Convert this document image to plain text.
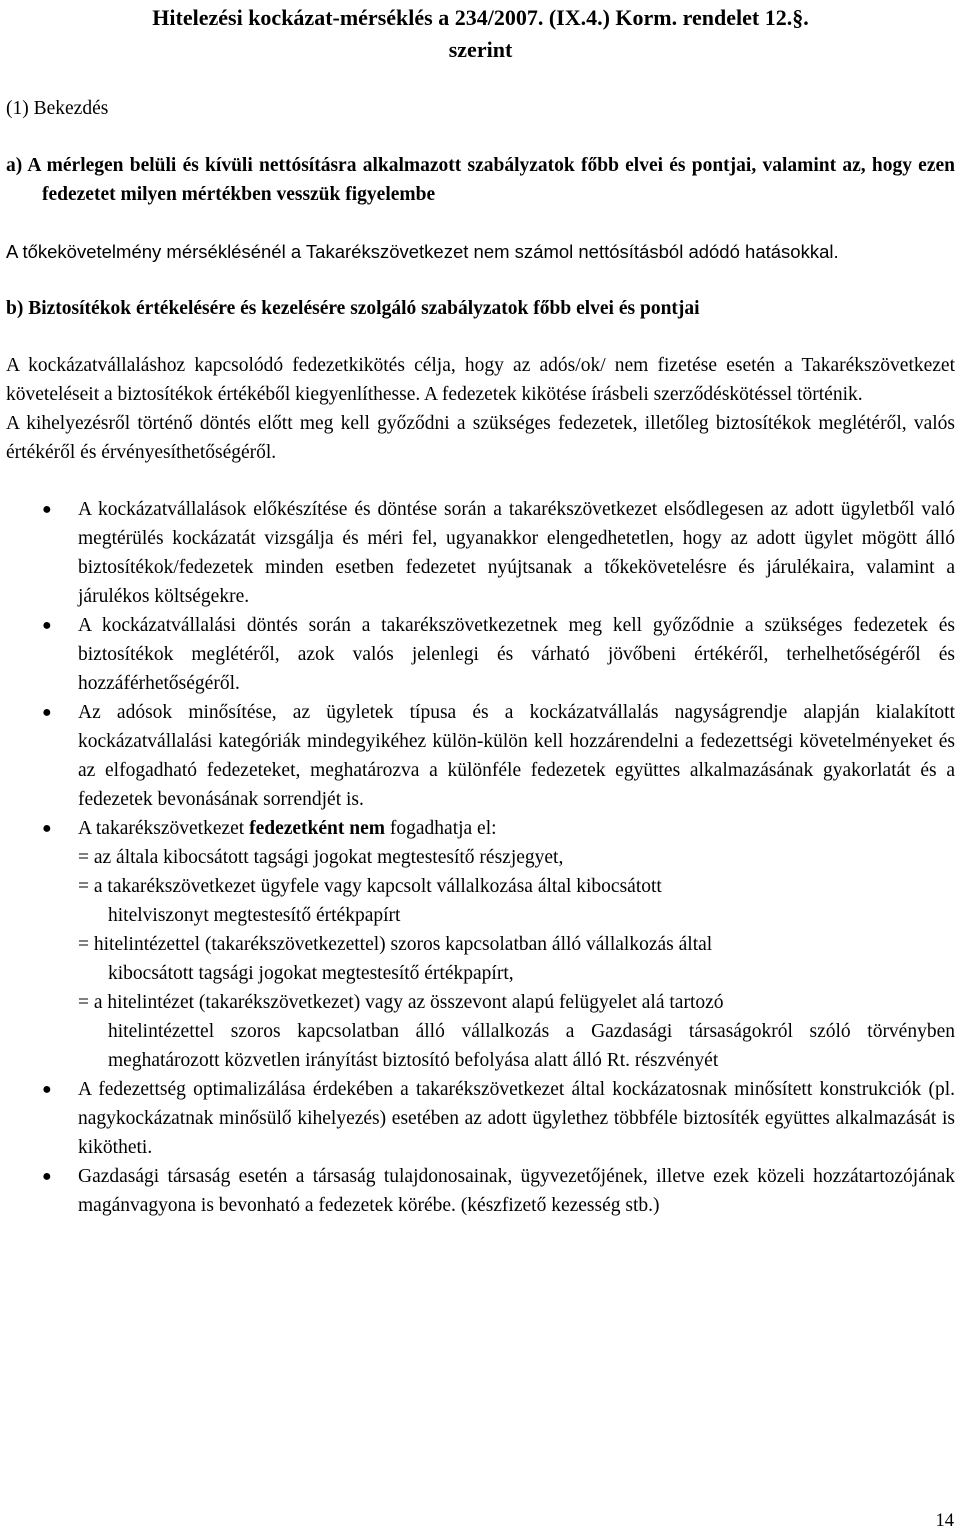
Hitelezési kockázat-mérséklés a 234/2007. (IX.4.) Korm. rendelet 12.§.
szerint

(1) Bekezdés

a) A mérlegen belüli és kívüli nettósításra alkalmazott szabályzatok főbb elvei és pontjai, valamint az, hogy ezen fedezetet milyen mértékben vesszük figyelembe

A tőkekövetelmény mérséklésénél a Takarékszövetkezet nem számol nettósításból adódó hatásokkal.

b) Biztosítékok értékelésére és kezelésére szolgáló szabályzatok főbb elvei és pontjai

A kockázatvállaláshoz kapcsolódó fedezetkikötés célja, hogy az adós/ok/ nem fizetése esetén a Takarékszövetkezet követeléseit a biztosítékok értékéből kiegyenlíthesse. A fedezetek kikötése írásbeli szerződéskötéssel történik.

A kihelyezésről történő döntés előtt meg kell győződni a szükséges fedezetek, illetőleg biztosítékok meglétéről, valós értékéről és érvényesíthetőségéről.

● A kockázatvállalások előkészítése és döntése során a takarékszövetkezet elsődlegesen az adott ügyletből való megtérülés kockázatát vizsgálja és méri fel, ugyanakkor elengedhetetlen, hogy az adott ügylet mögött álló biztosítékok/fedezetek minden esetben fedezetet nyújtsanak a tőkekövetelésre és járulékaira, valamint a járulékos költségekre.
● A kockázatvállalási döntés során a takarékszövetkezetnek meg kell győződnie a szükséges fedezetek és biztosítékok meglétéről, azok valós jelenlegi és várható jövőbeni értékéről, terhelhetőségéről és hozzáférhetőségéről.
● Az adósok minősítése, az ügyletek típusa és a kockázatvállalás nagyságrendje alapján kialakított kockázatvállalási kategóriák mindegyikéhez külön-külön kell hozzárendelni a fedezettségi követelményeket és az elfogadható fedezeteket, meghatározva a különféle fedezetek együttes alkalmazásának gyakorlatát és a fedezetek bevonásának sorrendjét is.
● A takarékszövetkezet fedezetként nem fogadhatja el:
= az általa kibocsátott tagsági jogokat megtestesítő részjegyet,
= a takarékszövetkezet ügyfele vagy kapcsolt vállalkozása által kibocsátott
hitelviszonyt megtestesítő értékpapírt
= hitelintézettel (takarékszövetkezettel) szoros kapcsolatban álló vállalkozás által
kibocsátott tagsági jogokat megtestesítő értékpapírt,
= a hitelintézet (takarékszövetkezet) vagy az összevont alapú felügyelet alá tartozó
hitelintézettel szoros kapcsolatban álló vállalkozás a Gazdasági társaságokról szóló törvényben meghatározott közvetlen irányítást biztosító befolyása alatt álló Rt. részvényét
● A fedezettség optimalizálása érdekében a takarékszövetkezet által kockázatosnak minősített konstrukciók (pl. nagykockázatnak minősülő kihelyezés) esetében az adott ügylethez többféle biztosíték együttes alkalmazását is kikötheti.
● Gazdasági társaság esetén a társaság tulajdonosainak, ügyvezetőjének, illetve ezek közeli hozzátartozójának magánvagyona is bevonható a fedezetek körébe. (készfizető kezesség stb.)
14
